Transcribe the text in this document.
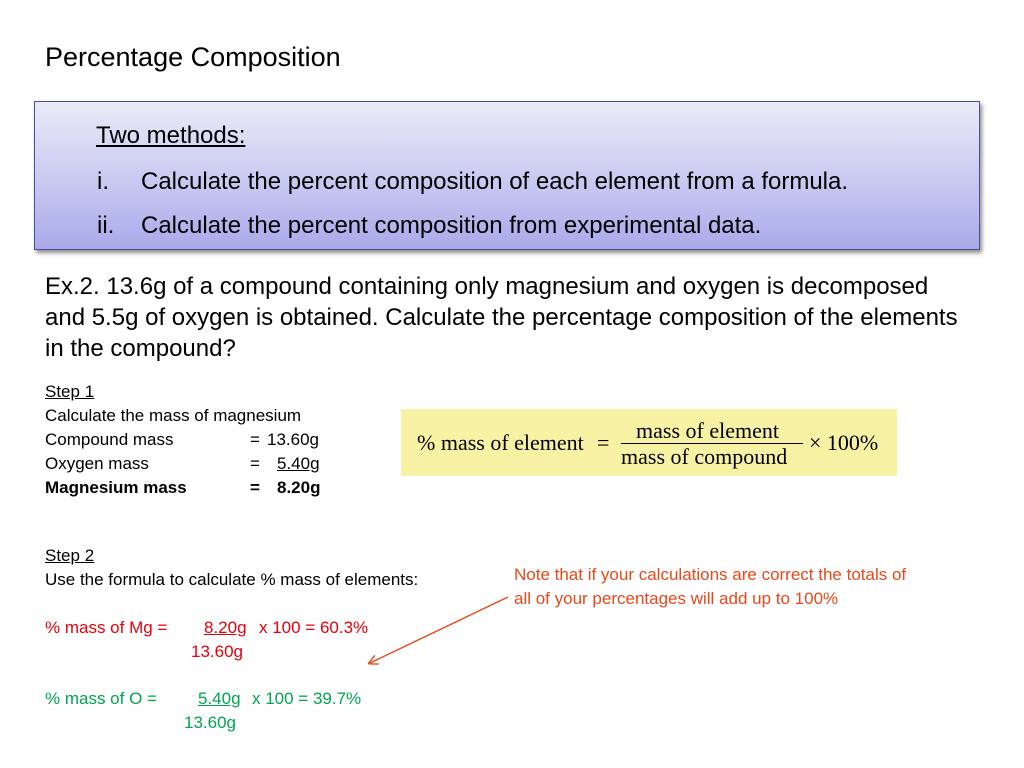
Percentage Composition
Two methods:
i. Calculate the percent composition of each element from a formula.
ii. Calculate the percent composition from experimental data.
Ex.2. 13.6g of a compound containing only magnesium and oxygen is decomposed and 5.5g of oxygen is obtained. Calculate the percentage composition of the elements in the compound?
Step 1
Calculate the mass of magnesium
Compound mass	= 13.60g
Oxygen mass	=	5.40g
Magnesium mass	= 8.20g
% mass of element = mass of element
mass of compound
× 100%
Step 2
Use the formula to calculate % mass of elements:
% mass of Mg =	8.20g x 100 = 60.3%
13.60g
% mass of O =	5.40g x 100 = 39.7%
13.60g
Note that if your calculations are correct the totals of all of your percentages will add up to 100%
